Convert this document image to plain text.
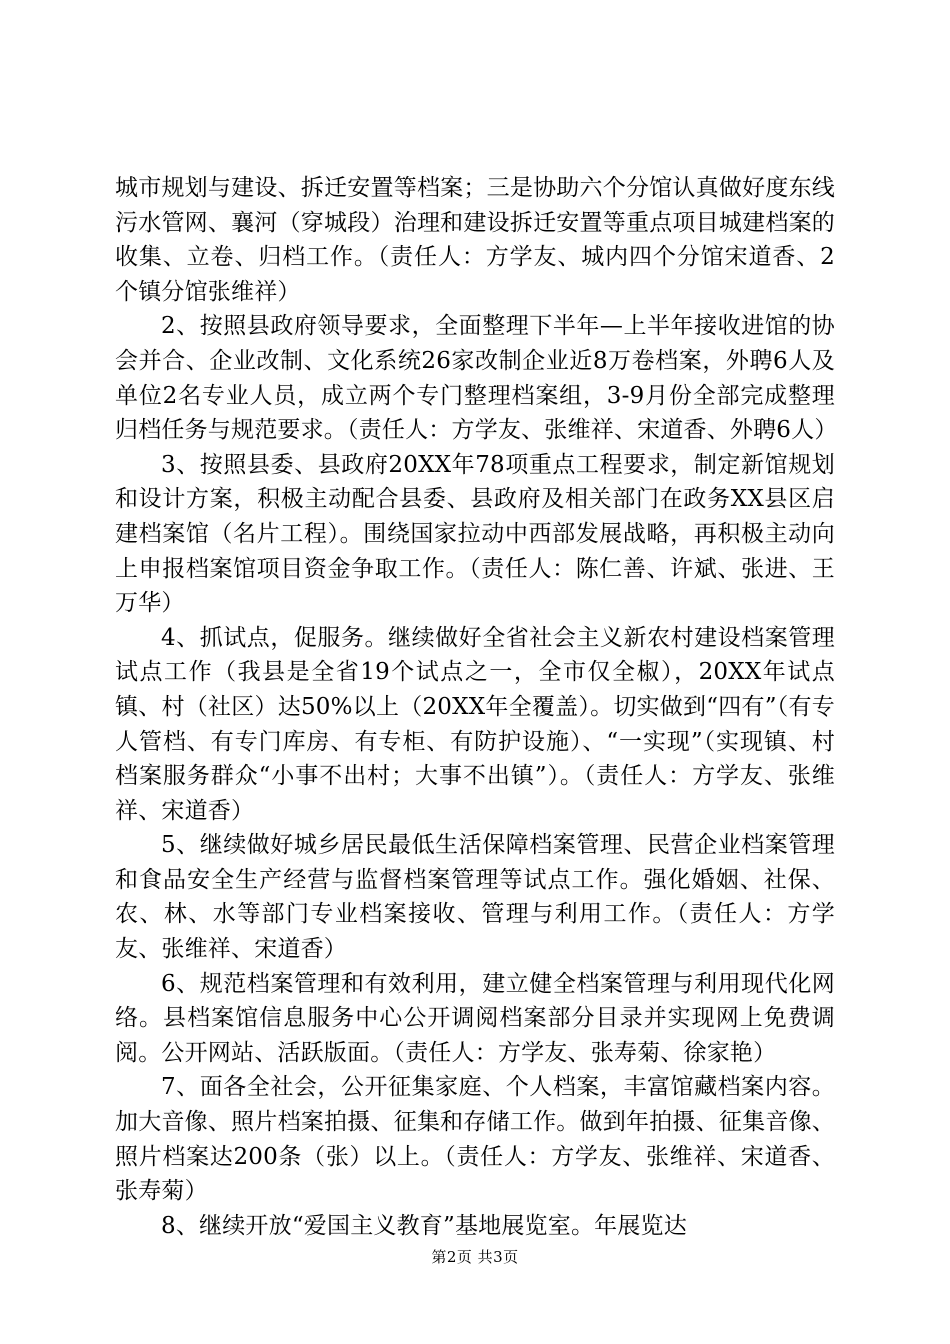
城市规划与建设、拆迁安置等档案；三是协助六个分馆认真做好度东线污水管网、襄河（穿城段）治理和建设拆迁安置等重点项目城建档案的收集、立卷、归档工作。（责任人：方学友、城内四个分馆宋道香、2个镇分馆张维祥）

2、按照县政府领导要求，全面整理下半年—上半年接收进馆的协会并合、企业改制、文化系统26家改制企业近8万卷档案，外聘6人及单位2名专业人员，成立两个专门整理档案组，3-9月份全部完成整理归档任务与规范要求。（责任人：方学友、张维祥、宋道香、外聘6人）

3、按照县委、县政府20XX年78项重点工程要求，制定新馆规划和设计方案，积极主动配合县委、县政府及相关部门在政务XX县区启建档案馆（名片工程）。围绕国家拉动中西部发展战略，再积极主动向上申报档案馆项目资金争取工作。（责任人：陈仁善、许斌、张进、王万华）

4、抓试点，促服务。继续做好全省社会主义新农村建设档案管理试点工作（我县是全省19个试点之一，全市仅全椒），20XX年试点镇、村（社区）达50%以上（20XX年全覆盖）。切实做到“四有”（有专人管档、有专门库房、有专柜、有防护设施）、“一实现”（实现镇、村档案服务群众“小事不出村；大事不出镇”）。（责任人：方学友、张维祥、宋道香）

5、继续做好城乡居民最低生活保障档案管理、民营企业档案管理和食品安全生产经营与监督档案管理等试点工作。强化婚姻、社保、农、林、水等部门专业档案接收、管理与利用工作。（责任人：方学友、张维祥、宋道香）

6、规范档案管理和有效利用，建立健全档案管理与利用现代化网络。县档案馆信息服务中心公开调阅档案部分目录并实现网上免费调阅。公开网站、活跃版面。（责任人：方学友、张寿菊、徐家艳）

7、面各全社会，公开征集家庭、个人档案，丰富馆藏档案内容。加大音像、照片档案拍摄、征集和存储工作。做到年拍摄、征集音像、照片档案达200条（张）以上。（责任人：方学友、张维祥、宋道香、张寿菊）

8、继续开放“爱国主义教育”基地展览室。年展览达

第2页 共3页
